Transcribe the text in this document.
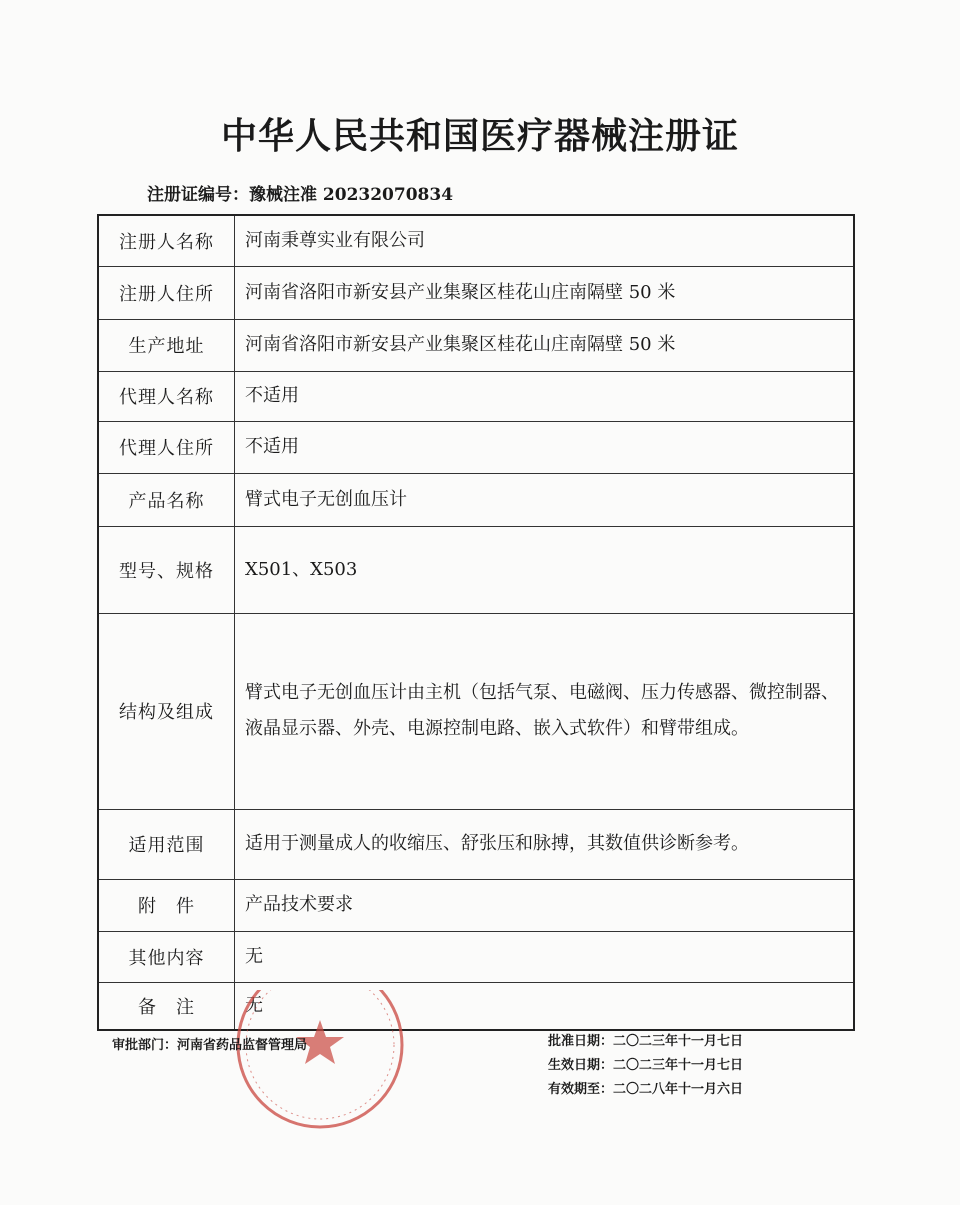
中华人民共和国医疗器械注册证
注册证编号：豫械注准 20232070834
注册人名称	河南秉尊实业有限公司
注册人住所	河南省洛阳市新安县产业集聚区桂花山庄南隔壁 50 米
生产地址	河南省洛阳市新安县产业集聚区桂花山庄南隔壁 50 米
代理人名称	不适用
代理人住所	不适用
产品名称	臂式电子无创血压计
型号、规格	X501、X503
结构及组成	臂式电子无创血压计由主机（包括气泵、电磁阀、压力传感器、微控制器、液晶显示器、外壳、电源控制电路、嵌入式软件）和臂带组成。
适用范围	适用于测量成人的收缩压、舒张压和脉搏，其数值供诊断参考。
附　件	产品技术要求
其他内容	无
备　注	无
审批部门：河南省药品监督管理局	批准日期：二〇二三年十一月七日
生效日期：二〇二三年十一月七日
有效期至：二〇二八年十一月六日
